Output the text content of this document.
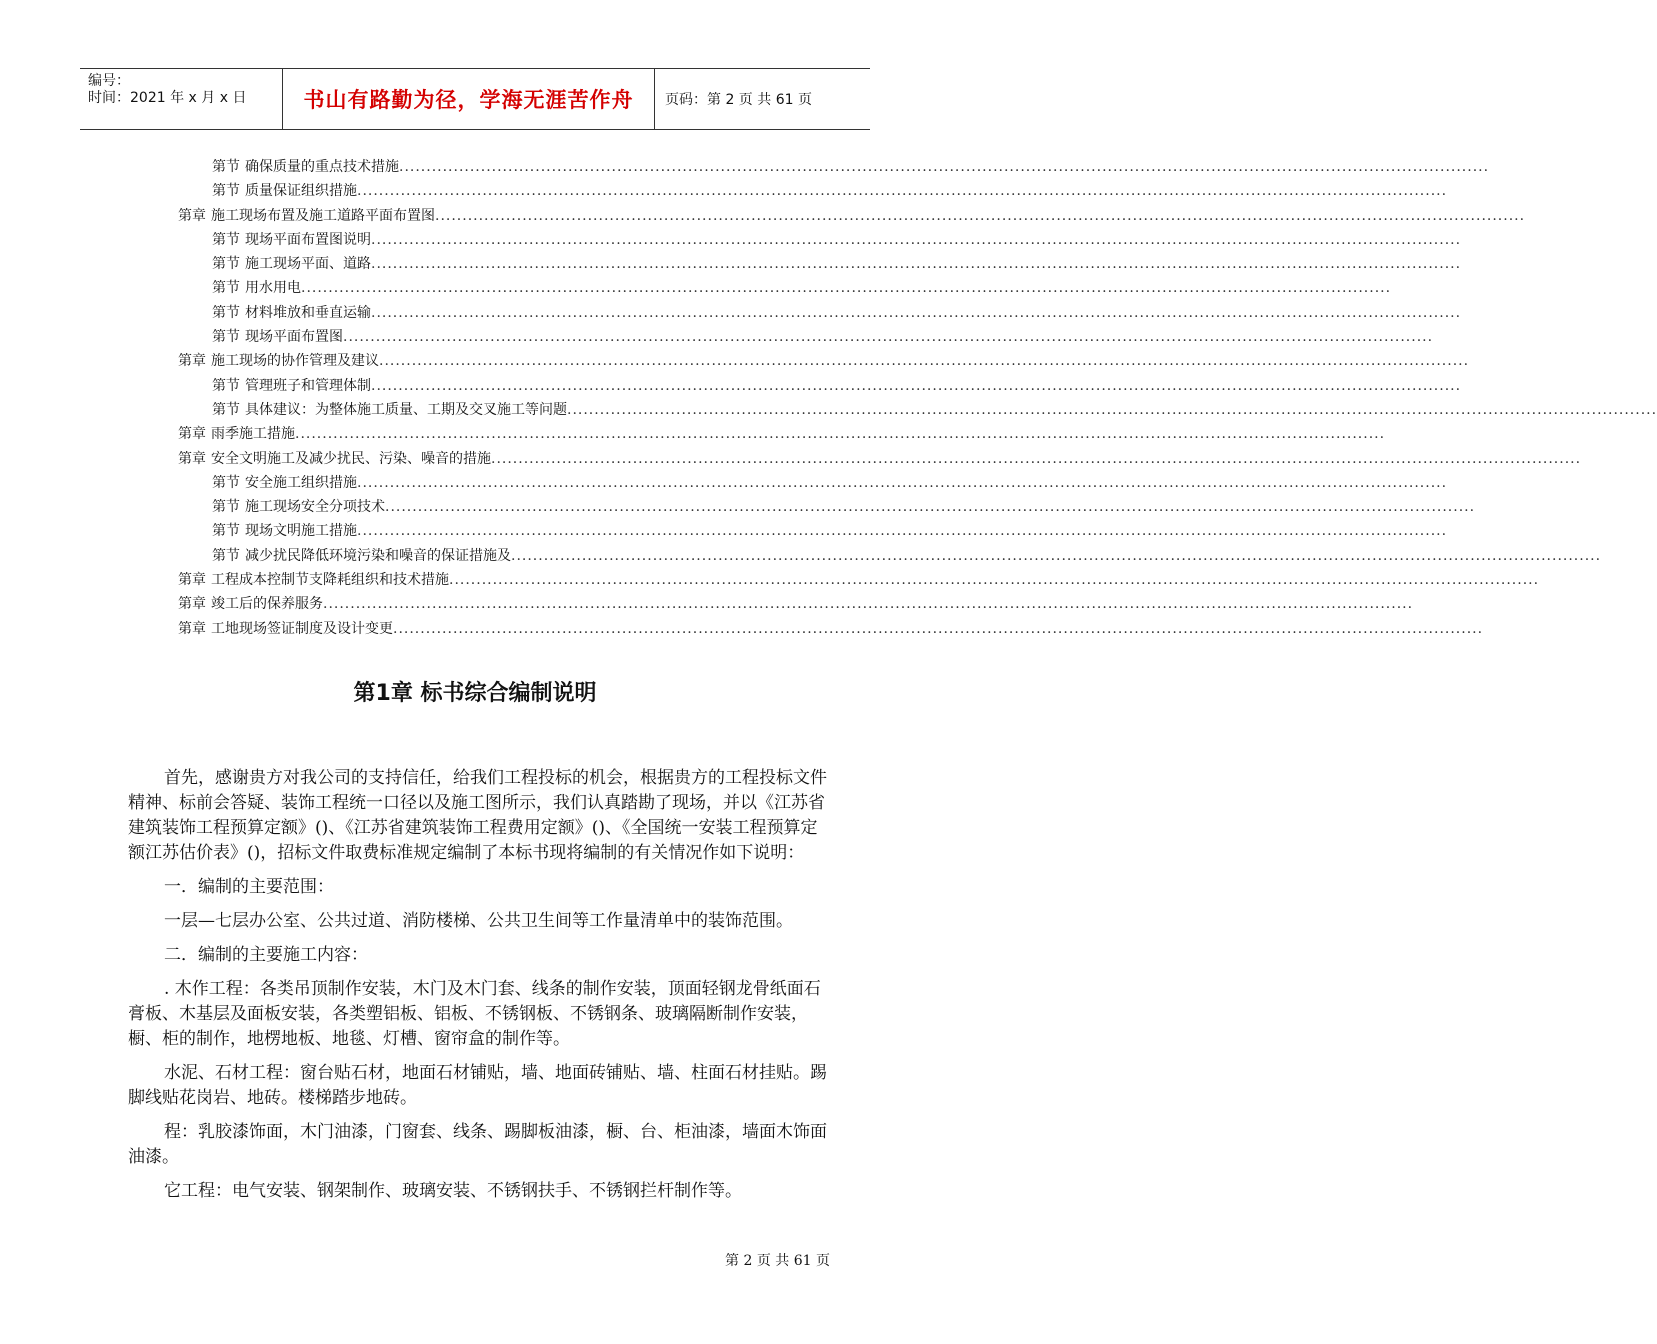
编号：
时间：2021 年 x 月 x 日	书山有路勤为径，学海无涯苦作舟	页码：第 2 页 共 61 页
第节 确保质量的重点技术措施 ........................................................................................................................................................................................................
第节 质量保证组织措施 ........................................................................................................................................................................................................
第章 施工现场布置及施工道路平面布置图 ........................................................................................................................................................................................................
第节 现场平面布置图说明 ........................................................................................................................................................................................................
第节 施工现场平面、道路 ........................................................................................................................................................................................................
第节 用水用电 ........................................................................................................................................................................................................
第节 材料堆放和垂直运输 ........................................................................................................................................................................................................
第节 现场平面布置图 ........................................................................................................................................................................................................
第章 施工现场的协作管理及建议 ........................................................................................................................................................................................................
第节 管理班子和管理体制 ........................................................................................................................................................................................................
第节 具体建议：为整体施工质量、工期及交叉施工等问题 ........................................................................................................................................................................................................
第章 雨季施工措施 ........................................................................................................................................................................................................
第章 安全文明施工及减少扰民、污染、噪音的措施 ........................................................................................................................................................................................................
第节 安全施工组织措施 ........................................................................................................................................................................................................
第节 施工现场安全分项技术 ........................................................................................................................................................................................................
第节 现场文明施工措施 ........................................................................................................................................................................................................
第节 减少扰民降低环境污染和噪音的保证措施及 ........................................................................................................................................................................................................
第章 工程成本控制节支降耗组织和技术措施 ........................................................................................................................................................................................................
第章 竣工后的保养服务 ........................................................................................................................................................................................................
第章 工地现场签证制度及设计变更 ........................................................................................................................................................................................................
第1章 标书综合编制说明

首先，感谢贵方对我公司的支持信任，给我们工程投标的机会，根据贵方的工程投标文件精神、标前会答疑、装饰工程统一口径以及施工图所示，我们认真踏勘了现场，并以《江苏省建筑装饰工程预算定额》()、《江苏省建筑装饰工程费用定额》()、《全国统一安装工程预算定额江苏估价表》()，招标文件取费标准规定编制了本标书现将编制的有关情况作如下说明：

一．编制的主要范围：

一层—七层办公室、公共过道、消防楼梯、公共卫生间等工作量清单中的装饰范围。

二．编制的主要施工内容：

. 木作工程：各类吊顶制作安装，木门及木门套、线条的制作安装，顶面轻钢龙骨纸面石膏板、木基层及面板安装，各类塑铝板、铝板、不锈钢板、不锈钢条、玻璃隔断制作安装，橱、柜的制作，地楞地板、地毯、灯槽、窗帘盒的制作等。

水泥、石材工程：窗台贴石材，地面石材铺贴，墙、地面砖铺贴、墙、柱面石材挂贴。踢脚线贴花岗岩、地砖。楼梯踏步地砖。

程：乳胶漆饰面，木门油漆，门窗套、线条、踢脚板油漆，橱、台、柜油漆，墙面木饰面油漆。

它工程：电气安装、钢架制作、玻璃安装、不锈钢扶手、不锈钢拦杆制作等。

第 2 页 共 61 页
